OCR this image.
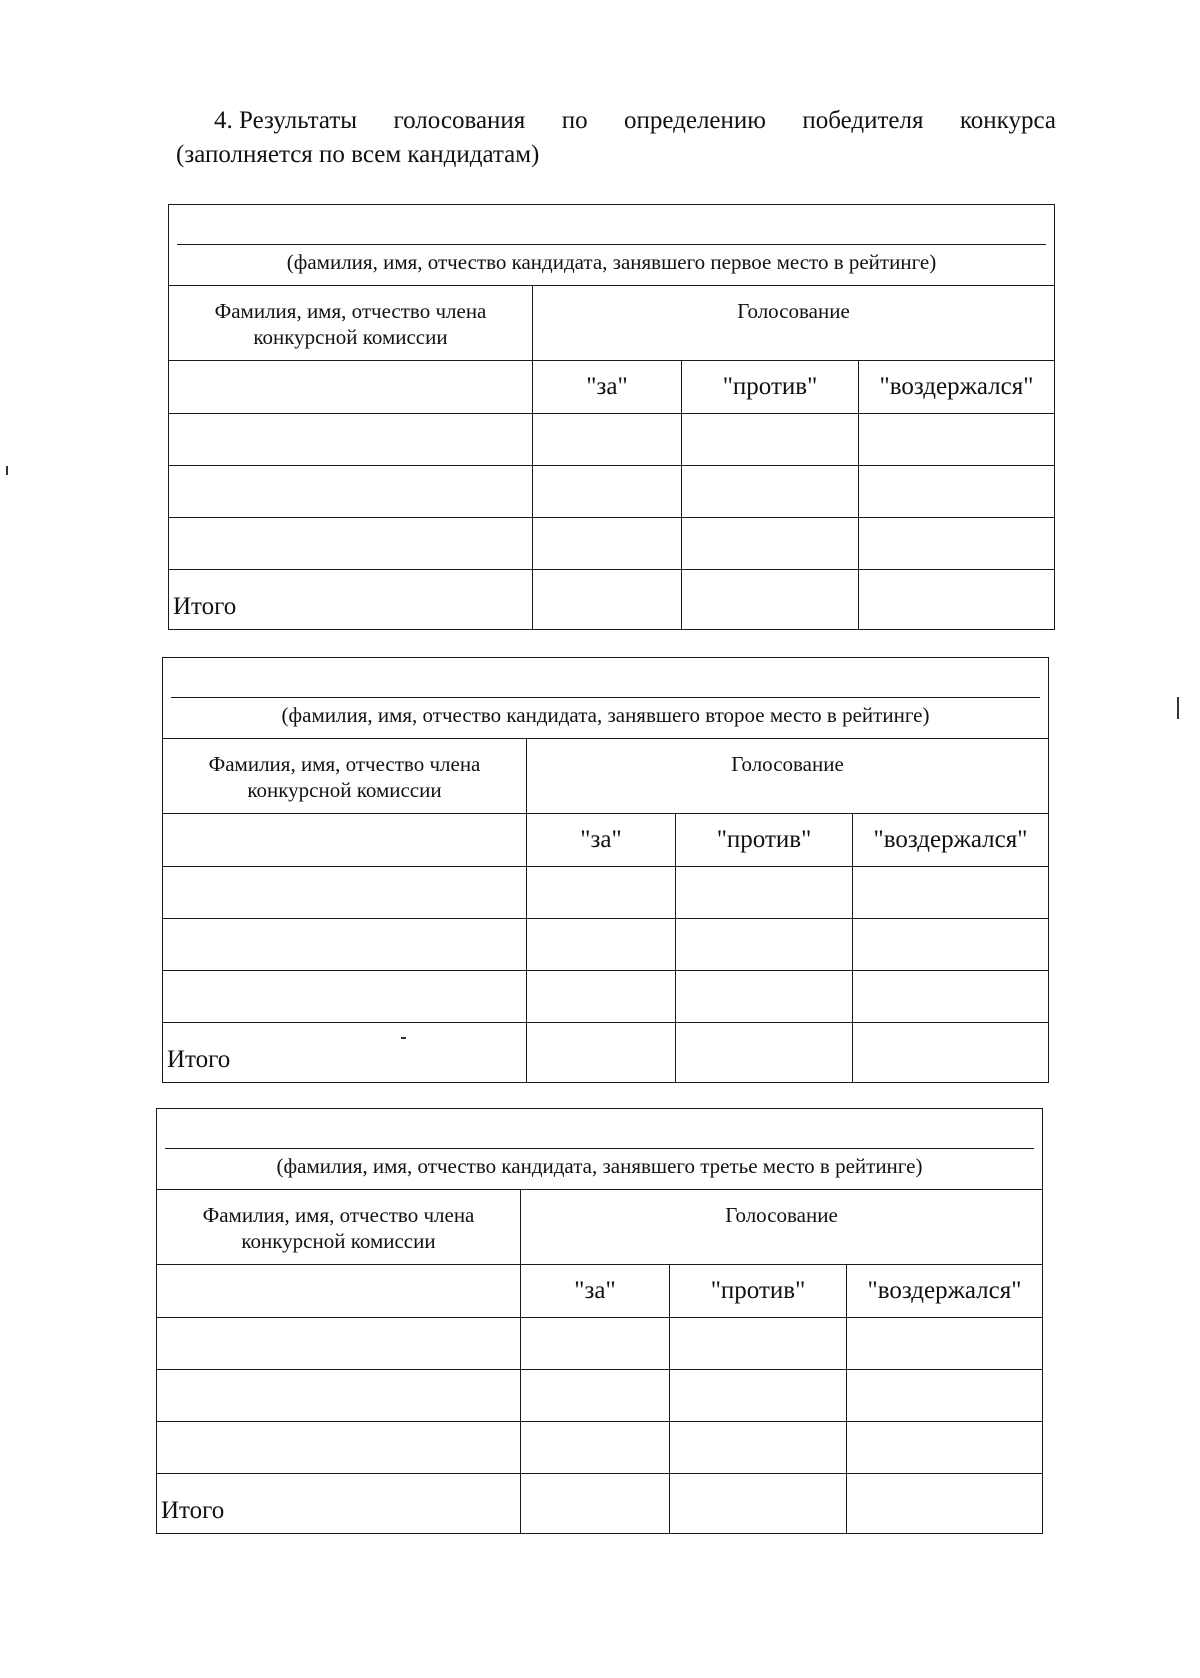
4. Результаты голосования по определению победителя конкурса
(заполняется по всем кандидатам)
(фамилия, имя, отчество кандидата, занявшего первое место в рейтинге)			

Фамилия, имя, отчество члена
конкурсной комиссии	Голосование		

	"за"	"против"	"воздержался"

Итого			
(фамилия, имя, отчество кандидата, занявшего второе место в рейтинге)			

Фамилия, имя, отчество члена
конкурсной комиссии	Голосование		

	"за"	"против"	"воздержался"

Итого			
(фамилия, имя, отчество кандидата, занявшего третье место в рейтинге)			

Фамилия, имя, отчество члена
конкурсной комиссии	Голосование		

	"за"	"против"	"воздержался"

Итого			
